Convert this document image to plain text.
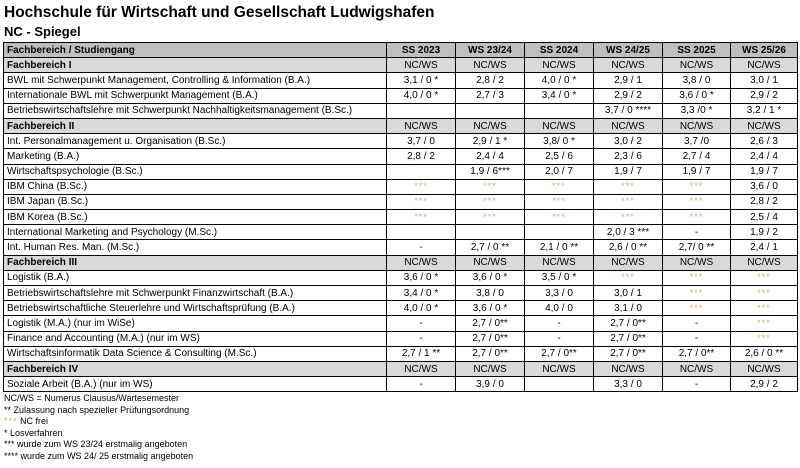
Hochschule für Wirtschaft und Gesellschaft Ludwigshafen
NC - Spiegel
Fachbereich / Studiengang	SS 2023	WS 23/24	SS 2024	WS 24/25	SS 2025	WS 25/26
Fachbereich I	NC/WS	NC/WS	NC/WS	NC/WS	NC/WS	NC/WS
BWL mit Schwerpunkt Management, Controlling & Information (B.A.)	3,1 / 0 *	2,8 / 2	4,0 / 0 *	2,9 / 1	3,8 / 0	3,0 / 1
Internationale BWL mit Schwerpunkt Management (B.A.)	4,0 / 0 *	2,7 / 3	3,4 / 0 *	2,9 / 2	3,6 / 0 *	2,9 / 2
Betriebswirtschaftslehre mit Schwerpunkt Nachhaltigkeitsmanagement (B.Sc.)				3,7 / 0 ****	3,3 /0 *	3,2 / 1 *
Fachbereich II	NC/WS	NC/WS	NC/WS	NC/WS	NC/WS	NC/WS
Int. Personalmanagement u. Organisation (B.Sc.)	3,7 / 0	2,9 / 1 *	3,8/ 0 *	3,0 / 2	3,7 /0	2,6 / 3
Marketing (B.A.)	2,8 / 2	2,4 / 4	2,5 / 6	2,3 / 6	2,7 / 4	2,4 / 4
Wirtschaftspsychologie (B.Sc.)		1,9 / 6***	2,0 / 7	1,9 / 7	1,9 / 7	1,9 / 7
IBM China (B.Sc.)	***	***	***	***	***	3,6 / 0
IBM Japan (B.Sc.)	***	***	***	***	***	2,8 / 2
IBM Korea (B.Sc.)	***	***	***	***	***	2,5 / 4
International Marketing and Psychology (M.Sc.)				2,0 / 3 ***	-	1,9 / 2
Int. Human Res. Man. (M.Sc.)	-	2,7 / 0 **	2,1 / 0 **	2,6 / 0 **	2,7/ 0 **	2,4 / 1
Fachbereich III	NC/WS	NC/WS	NC/WS	NC/WS	NC/WS	NC/WS
Logistik (B.A.)	3,6 / 0 *	3,6 / 0 *	3,5 / 0 *	***	***	***
Betriebswirtschaftslehre mit Schwerpunkt Finanzwirtschaft (B.A.)	3,4 / 0 *	3,8 / 0	3,3 / 0	3,0 / 1	***	***
Betriebswirtschaftliche Steuerlehre und Wirtschaftsprüfung (B.A.)	4,0 / 0 *	3,6 / 0 *	4,0 / 0	3,1 / 0	***	***
Logistik (M.A.) (nur im WiSe)	-	2,7 / 0**	-	2,7 / 0**	-	***
Finance and Accounting (M.A.) (nur im WS)	-	2,7 / 0**	-	2,7 / 0**	-	***
Wirtschaftsinformatik Data Science & Consulting (M.Sc.)	2,7 / 1 **	2,7 / 0**	2,7 / 0**	2,7 / 0**	2,7 / 0**	2,6 / 0 **
Fachbereich IV	NC/WS	NC/WS	NC/WS	NC/WS	NC/WS	NC/WS
Soziale Arbeit (B.A.) (nur im WS)	-	3,9 / 0		3,3 / 0	-	2,9 / 2
NC/WS = Numerus Clausus/Wartesemester
** Zulassung nach spezieller Prüfungsordnung
*** NC frei
* Losverfahren
*** wurde zum WS 23/24 erstmalig angeboten
**** wurde zum WS 24/ 25 erstmalig angeboten
